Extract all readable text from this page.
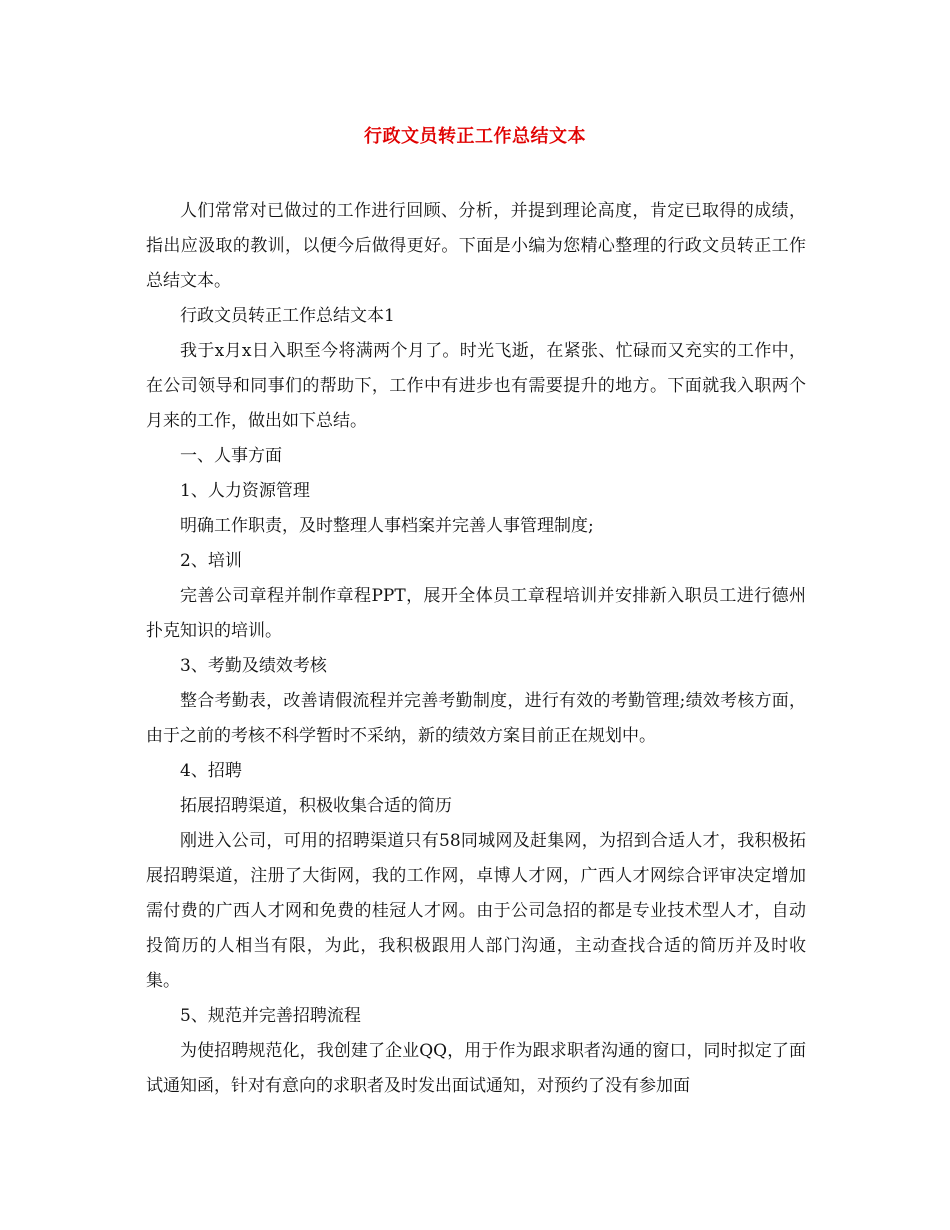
行政文员转正工作总结文本

人们常常对已做过的工作进行回顾、分析，并提到理论高度，肯定已取得的成绩，指出应汲取的教训，以便今后做得更好。下面是小编为您精心整理的行政文员转正工作总结文本。

行政文员转正工作总结文本1

我于x月x日入职至今将满两个月了。时光飞逝，在紧张、忙碌而又充实的工作中，在公司领导和同事们的帮助下，工作中有进步也有需要提升的地方。下面就我入职两个月来的工作，做出如下总结。

一、人事方面

1、人力资源管理

明确工作职责，及时整理人事档案并完善人事管理制度;

2、培训

完善公司章程并制作章程PPT，展开全体员工章程培训并安排新入职员工进行德州扑克知识的培训。

3、考勤及绩效考核

整合考勤表，改善请假流程并完善考勤制度，进行有效的考勤管理;绩效考核方面，由于之前的考核不科学暂时不采纳，新的绩效方案目前正在规划中。

4、招聘

拓展招聘渠道，积极收集合适的简历

刚进入公司，可用的招聘渠道只有58同城网及赶集网，为招到合适人才，我积极拓展招聘渠道，注册了大街网，我的工作网，卓博人才网，广西人才网综合评审决定增加需付费的广西人才网和免费的桂冠人才网。由于公司急招的都是专业技术型人才，自动投简历的人相当有限，为此，我积极跟用人部门沟通，主动查找合适的简历并及时收集。

5、规范并完善招聘流程

为使招聘规范化，我创建了企业QQ，用于作为跟求职者沟通的窗口，同时拟定了面试通知函，针对有意向的求职者及时发出面试通知，对预约了没有参加面
